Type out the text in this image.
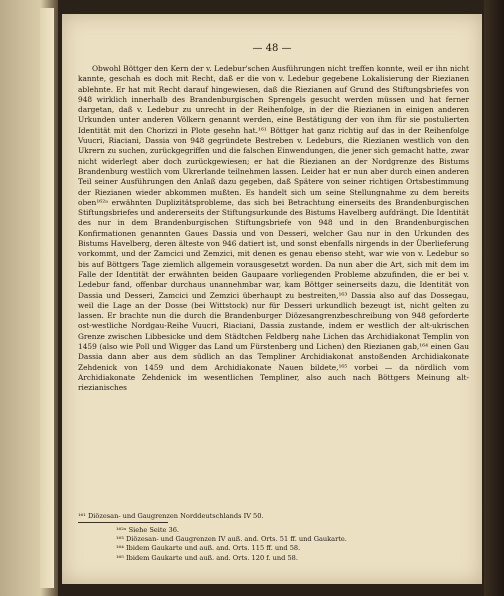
— 48 —

Obwohl Böttger den Kern der v. Ledebur'schen Ausführungen nicht treffen konnte, weil er ihn nicht kannte, geschah es doch mit Recht, daß er die von v. Ledebur gegebene Lokalisierung der Riezianen ablehnte. Er hat mit Recht darauf hingewiesen, daß die Riezianen auf Grund des Stiftungsbriefes von 948 wirklich innerhalb des Brandenburgischen Sprengels gesucht werden müssen und hat ferner dargetan, daß v. Ledebur zu unrecht in der Reihenfolge, in der die Riezianen in einigen anderen Urkunden unter anderen Völkern genannt werden, eine Bestätigung der von ihm für sie postulierten Identität mit den Chorizzi in Plote gesehn hat.¹⁶¹ Böttger hat ganz richtig auf das in der Reihenfolge Vuucri, Riaciani, Dassia von 948 gegründete Bestreben v. Ledeburs, die Riezianen westlich von den Ukrern zu suchen, zurückgegriffen und die falschen Einwendungen, die jener sich gemacht hatte, zwar nicht widerlegt aber doch zurückgewiesen; er hat die Riezianen an der Nordgrenze des Bistums Brandenburg westlich vom Ukrerlande teilnehmen lassen. Leider hat er nun aber durch einen anderen Teil seiner Ausführungen den Anlaß dazu gegeben, daß Spätere von seiner richtigen Ortsbestimmung der Riezianen wieder abkommen mußten. Es handelt sich um seine Stellungnahme zu dem bereits oben¹⁶²ᵃ erwähnten Duplizitätsprobleme, das sich bei Betrachtung einerseits des Brandenburgischen Stiftungsbriefes und andererseits der Stiftungsurkunde des Bistums Havelberg aufdrängt. Die Identität des nur in dem Brandenburgischen Stiftungsbriefe von 948 und in den Brandenburgischen Konfirmationen genannten Gaues Dassia und von Desseri, welcher Gau nur in den Urkunden des Bistums Havelberg, deren älteste von 946 datiert ist, und sonst ebenfalls nirgends in der Überlieferung vorkommt, und der Zamcici und Zemzici, mit denen es genau ebenso steht, war wie von v. Ledebur so bis auf Böttgers Tage ziemlich allgemein vorausgesetzt worden. Da nun aber die Art, sich mit dem im Falle der Identität der erwähnten beiden Gaupaare vorliegenden Probleme abzufinden, die er bei v. Ledebur fand, offenbar durchaus unannehmbar war, kam Böttger seinerseits dazu, die Identität von Dassia und Desseri, Zamcici und Zemzici überhaupt zu bestreiten,¹⁶³ Dassia also auf das Dossegau, weil die Lage an der Dosse (bei Wittstock) nur für Desseri urkundlich bezeugt ist, nicht gelten zu lassen. Er brachte nun die durch die Brandenburger Diözesangrenzbeschreibung von 948 geforderte ost-westliche Nordgau-Reihe Vuucri, Riaciani, Dassia zustande, indem er westlich der alt-ukrischen Grenze zwischen Libbesicke und dem Städtchen Feldberg nahe Lichen das Archidiakonat Templin von 1459 (also wie Poll und Wigger das Land um Fürstenberg und Lichen) den Riezianen gab,¹⁶⁴ einen Gau Dassia dann aber aus dem südlich an das Templiner Archidiakonat anstoßenden Archidiakonate Zehdenick von 1459 und dem Archidiakonate Nauen bildete,¹⁶⁵ vorbei — da nördlich vom Archidiakonate Zehdenick im wesentlichen Templiner, also auch nach Böttgers Meinung alt-riezianisches

¹⁶¹ Diözesan- und Gaugrenzen Norddeutschlands IV 50.
¹⁶²ᵃ Siehe Seite 36.
¹⁶³ Diözesan- und Gaugrenzen IV auß. and. Orts. 51 ff. und Gaukarte.
¹⁶⁴ Ibidem Gaukarte und auß. and. Orts. 115 ff. und 58.
¹⁶⁵ Ibidem Gaukarte und auß. and. Orts. 120 f. und 58.
